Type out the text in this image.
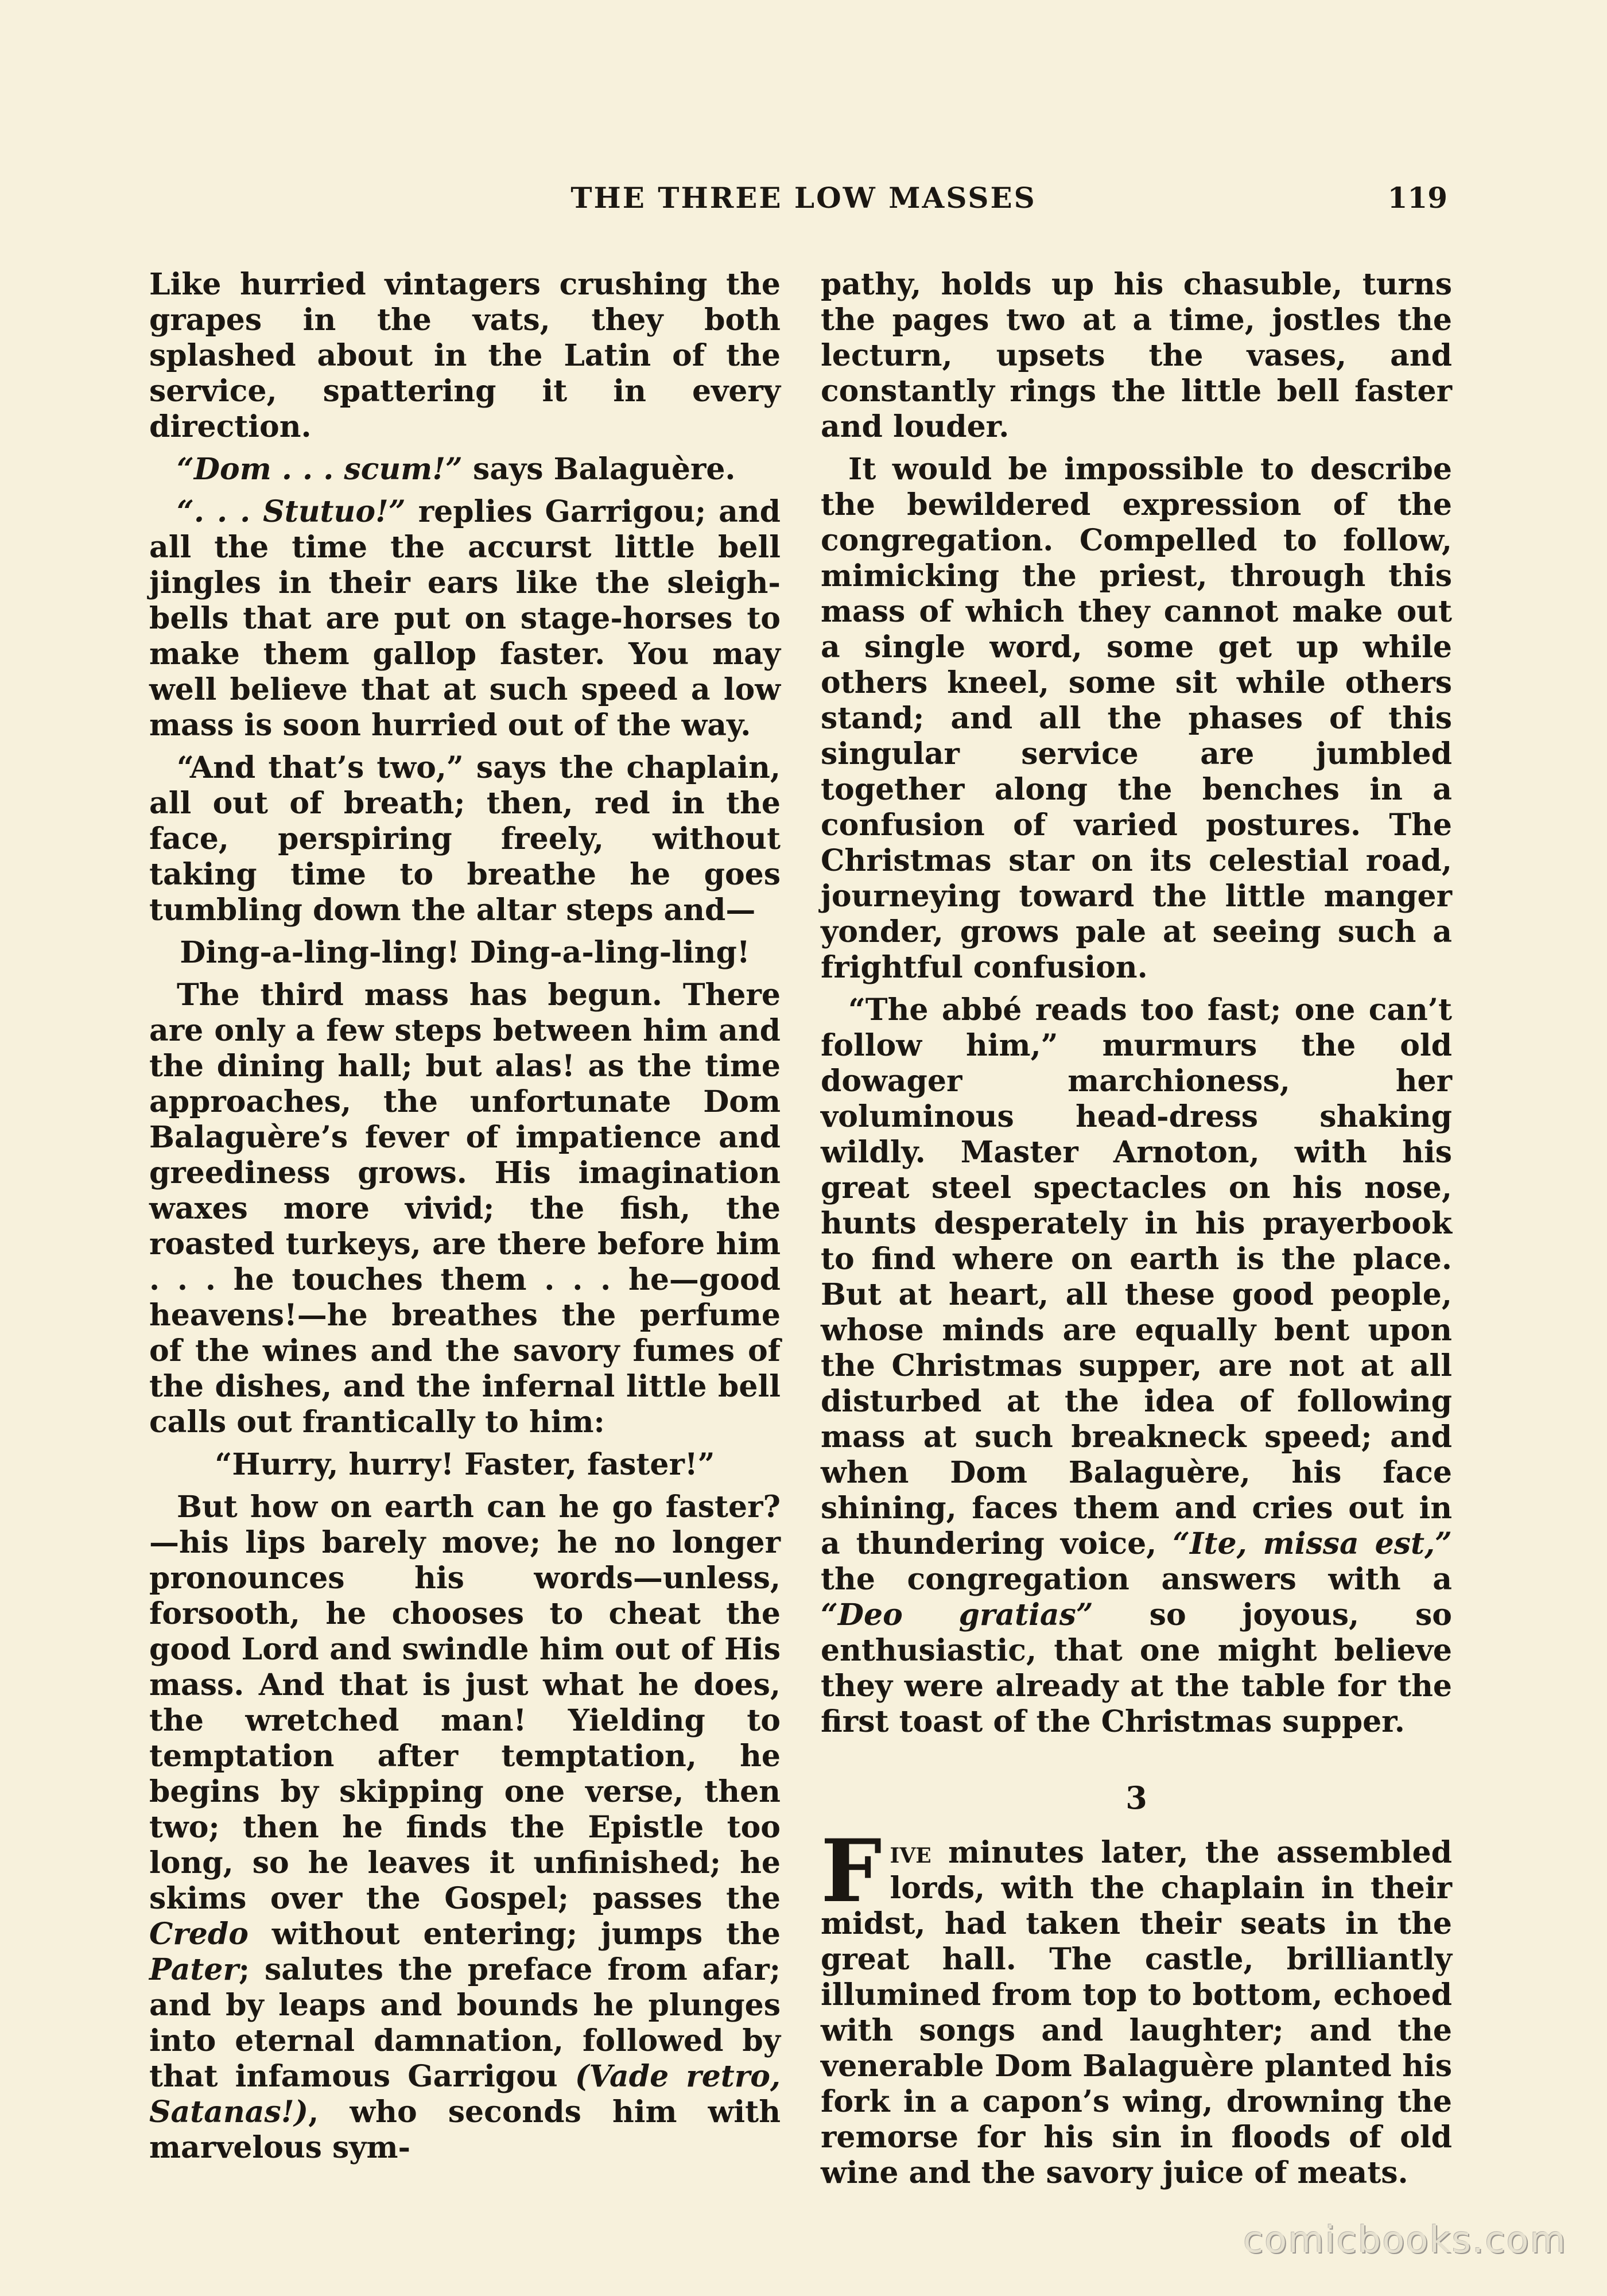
THE THREE LOW MASSES	119

Like hurried vintagers crushing the grapes in the vats, they both splashed about in the Latin of the service, spattering it in every direction.

“Dom . . . scum!” says Balaguère.

“. . . Stutuo!” replies Garrigou; and all the time the accurst little bell jingles in their ears like the sleigh-bells that are put on stage-horses to make them gallop faster. You may well believe that at such speed a low mass is soon hurried out of the way.

“And that’s two,” says the chaplain, all out of breath; then, red in the face, perspiring freely, without taking time to breathe he goes tumbling down the altar steps and—

Ding-a-ling-ling! Ding-a-ling-ling!

The third mass has begun. There are only a few steps between him and the dining hall; but alas! as the time approaches, the unfortunate Dom Balaguère’s fever of impatience and greediness grows. His imagination waxes more vivid; the fish, the roasted turkeys, are there before him . . . he touches them . . . he—good heavens!—he breathes the perfume of the wines and the savory fumes of the dishes, and the infernal little bell calls out frantically to him:

“Hurry, hurry! Faster, faster!”

But how on earth can he go faster? —his lips barely move; he no longer pronounces his words—unless, forsooth, he chooses to cheat the good Lord and swindle him out of His mass. And that is just what he does, the wretched man! Yielding to temptation after temptation, he begins by skipping one verse, then two; then he finds the Epistle too long, so he leaves it unfinished; he skims over the Gospel; passes the Credo without entering; jumps the Pater; salutes the preface from afar; and by leaps and bounds he plunges into eternal damnation, followed by that infamous Garrigou (Vade retro, Satanas!), who seconds him with marvelous sym-

pathy, holds up his chasuble, turns the pages two at a time, jostles the lecturn, upsets the vases, and constantly rings the little bell faster and louder.

It would be impossible to describe the bewildered expression of the congregation. Compelled to follow, mimicking the priest, through this mass of which they cannot make out a single word, some get up while others kneel, some sit while others stand; and all the phases of this singular service are jumbled together along the benches in a confusion of varied postures. The Christmas star on its celestial road, journeying toward the little manger yonder, grows pale at seeing such a frightful confusion.

“The abbé reads too fast; one can’t follow him,” murmurs the old dowager marchioness, her voluminous head-dress shaking wildly. Master Arnoton, with his great steel spectacles on his nose, hunts desperately in his prayerbook to find where on earth is the place. But at heart, all these good people, whose minds are equally bent upon the Christmas supper, are not at all disturbed at the idea of following mass at such breakneck speed; and when Dom Balaguère, his face shining, faces them and cries out in a thundering voice, “Ite, missa est,” the congregation answers with a “Deo gratias” so joyous, so enthusiastic, that one might believe they were already at the table for the first toast of the Christmas supper.

3

Five minutes later, the assembled lords, with the chaplain in their midst, had taken their seats in the great hall. The castle, brilliantly illumined from top to bottom, echoed with songs and laughter; and the venerable Dom Balaguère planted his fork in a capon’s wing, drowning the remorse for his sin in floods of old wine and the savory juice of meats.

comicbooks.com
